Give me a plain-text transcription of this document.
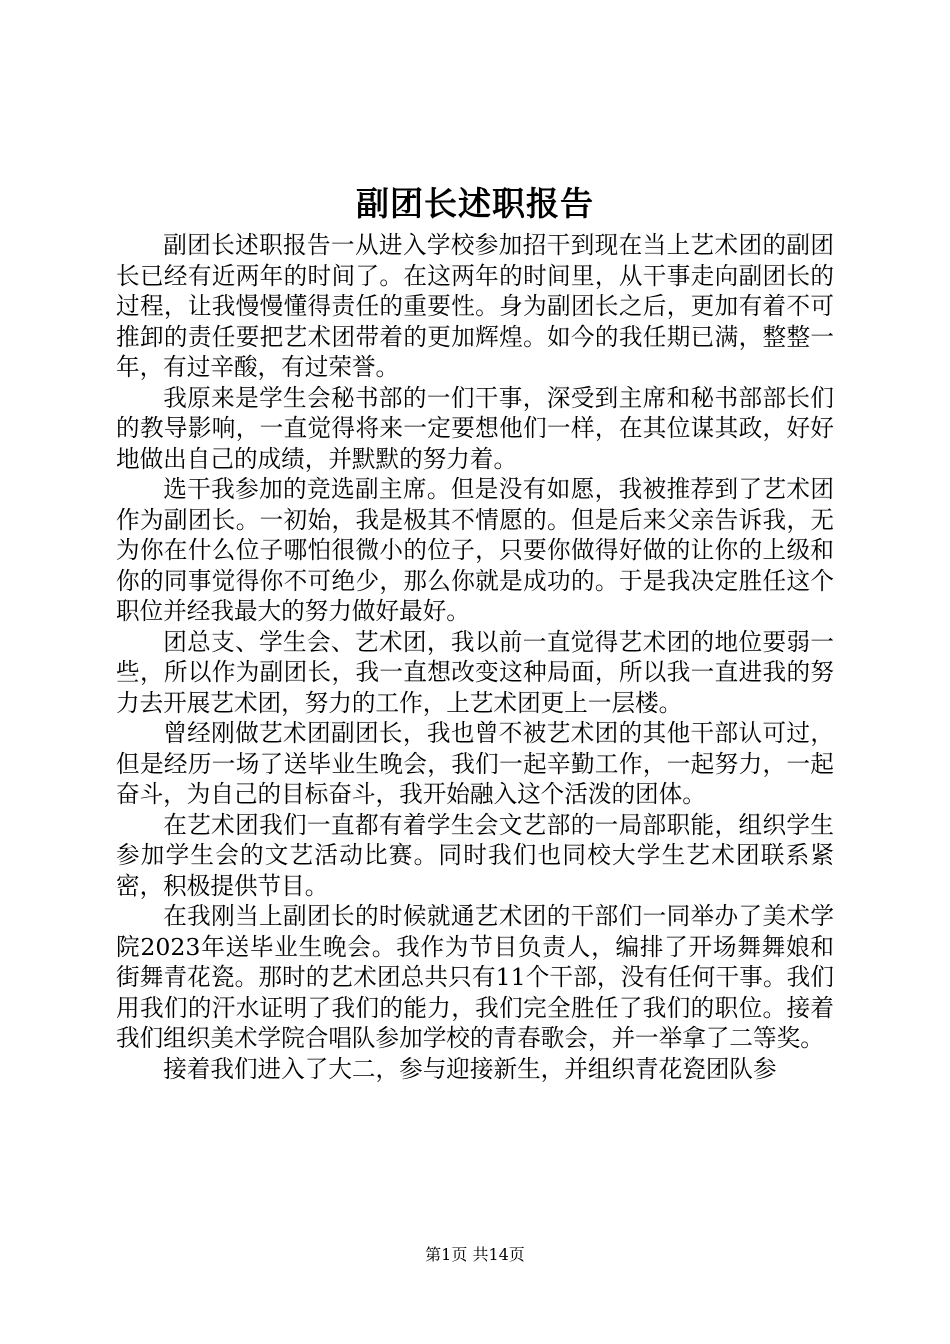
副团长述职报告

副团长述职报告一从进入学校参加招干到现在当上艺术团的副团长已经有近两年的时间了。在这两年的时间里，从干事走向副团长的过程，让我慢慢懂得责任的重要性。身为副团长之后，更加有着不可推卸的责任要把艺术团带着的更加辉煌。如今的我任期已满，整整一年，有过辛酸，有过荣誉。

我原来是学生会秘书部的一们干事，深受到主席和秘书部部长们的教导影响，一直觉得将来一定要想他们一样，在其位谋其政，好好地做出自己的成绩，并默默的努力着。

选干我参加的竞选副主席。但是没有如愿，我被推荐到了艺术团作为副团长。一初始，我是极其不情愿的。但是后来父亲告诉我，无为你在什么位子哪怕很微小的位子，只要你做得好做的让你的上级和你的同事觉得你不可绝少，那么你就是成功的。于是我决定胜任这个职位并经我最大的努力做好最好。

团总支、学生会、艺术团，我以前一直觉得艺术团的地位要弱一些，所以作为副团长，我一直想改变这种局面，所以我一直进我的努力去开展艺术团，努力的工作，上艺术团更上一层楼。

曾经刚做艺术团副团长，我也曾不被艺术团的其他干部认可过，但是经历一场了送毕业生晚会，我们一起辛勤工作，一起努力，一起奋斗，为自己的目标奋斗，我开始融入这个活泼的团体。

在艺术团我们一直都有着学生会文艺部的一局部职能，组织学生参加学生会的文艺活动比赛。同时我们也同校大学生艺术团联系紧密，积极提供节目。

在我刚当上副团长的时候就通艺术团的干部们一同举办了美术学院2023年送毕业生晚会。我作为节目负责人，编排了开场舞舞娘和街舞青花瓷。那时的艺术团总共只有11个干部，没有任何干事。我们用我们的汗水证明了我们的能力，我们完全胜任了我们的职位。接着我们组织美术学院合唱队参加学校的青春歌会，并一举拿了二等奖。

接着我们进入了大二，参与迎接新生，并组织青花瓷团队参

第1页 共14页
